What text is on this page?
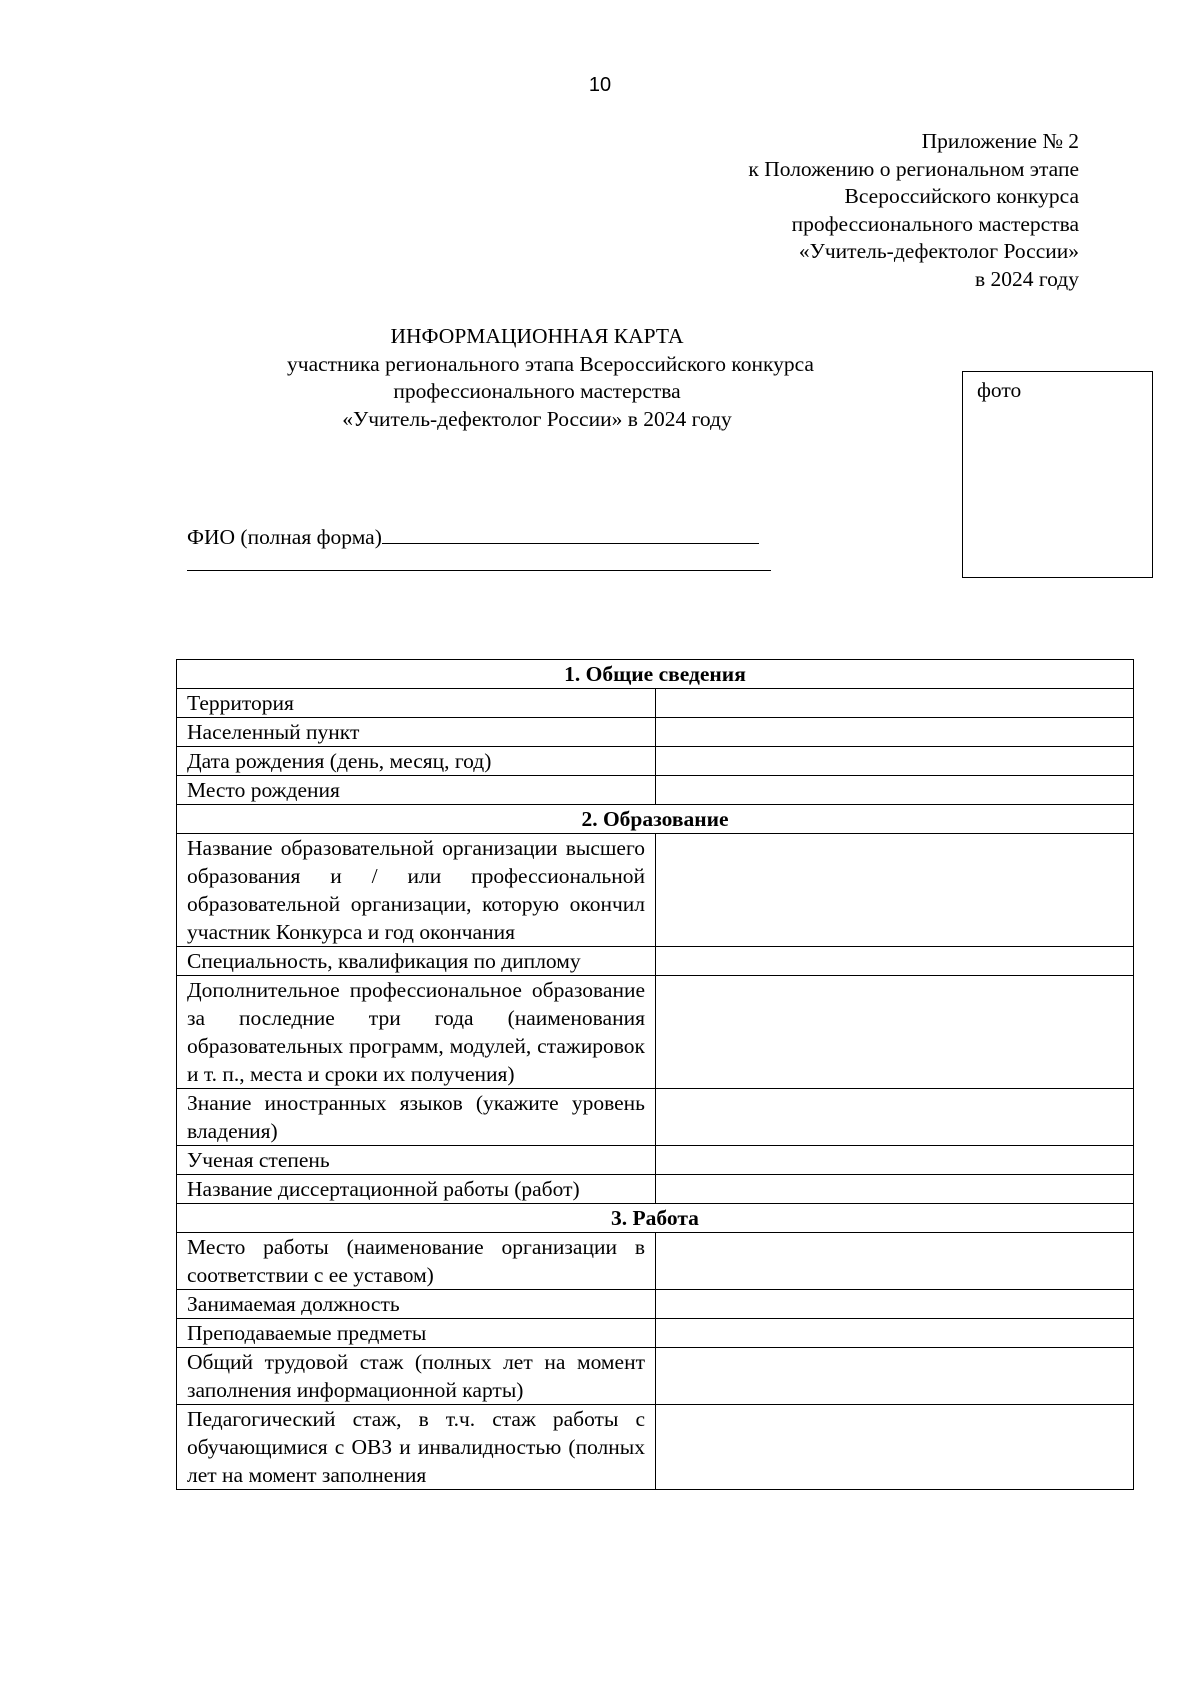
10
Приложение № 2
к Положению о региональном этапе
Всероссийского конкурса
профессионального мастерства
«Учитель-дефектолог России»
в 2024 году
ИНФОРМАЦИОННАЯ КАРТА
участника регионального этапа Всероссийского конкурса
профессионального мастерства
«Учитель-дефектолог России» в 2024 году
фото
ФИО (полная форма)
1. Общие сведения	
Территория	
Населенный пункт	
Дата рождения (день, месяц, год)	
Место рождения	
2. Образование	
Название образовательной организации высшего образования и / или профессиональной образовательной организации, которую окончил участник Конкурса и год окончания	
Специальность, квалификация по диплому	
Дополнительное профессиональное образование за последние три года (наименования образовательных программ, модулей, стажировок и т. п., места и сроки их получения)	
Знание иностранных языков (укажите уровень владения)	
Ученая степень	
Название диссертационной работы (работ)	
3. Работа	
Место работы (наименование организации в соответствии с ее уставом)	
Занимаемая должность	
Преподаваемые предметы	
Общий трудовой стаж (полных лет на момент заполнения информационной карты)	
Педагогический стаж, в т.ч. стаж работы с обучающимися с ОВЗ и инвалидностью (полных лет на момент заполнения	
